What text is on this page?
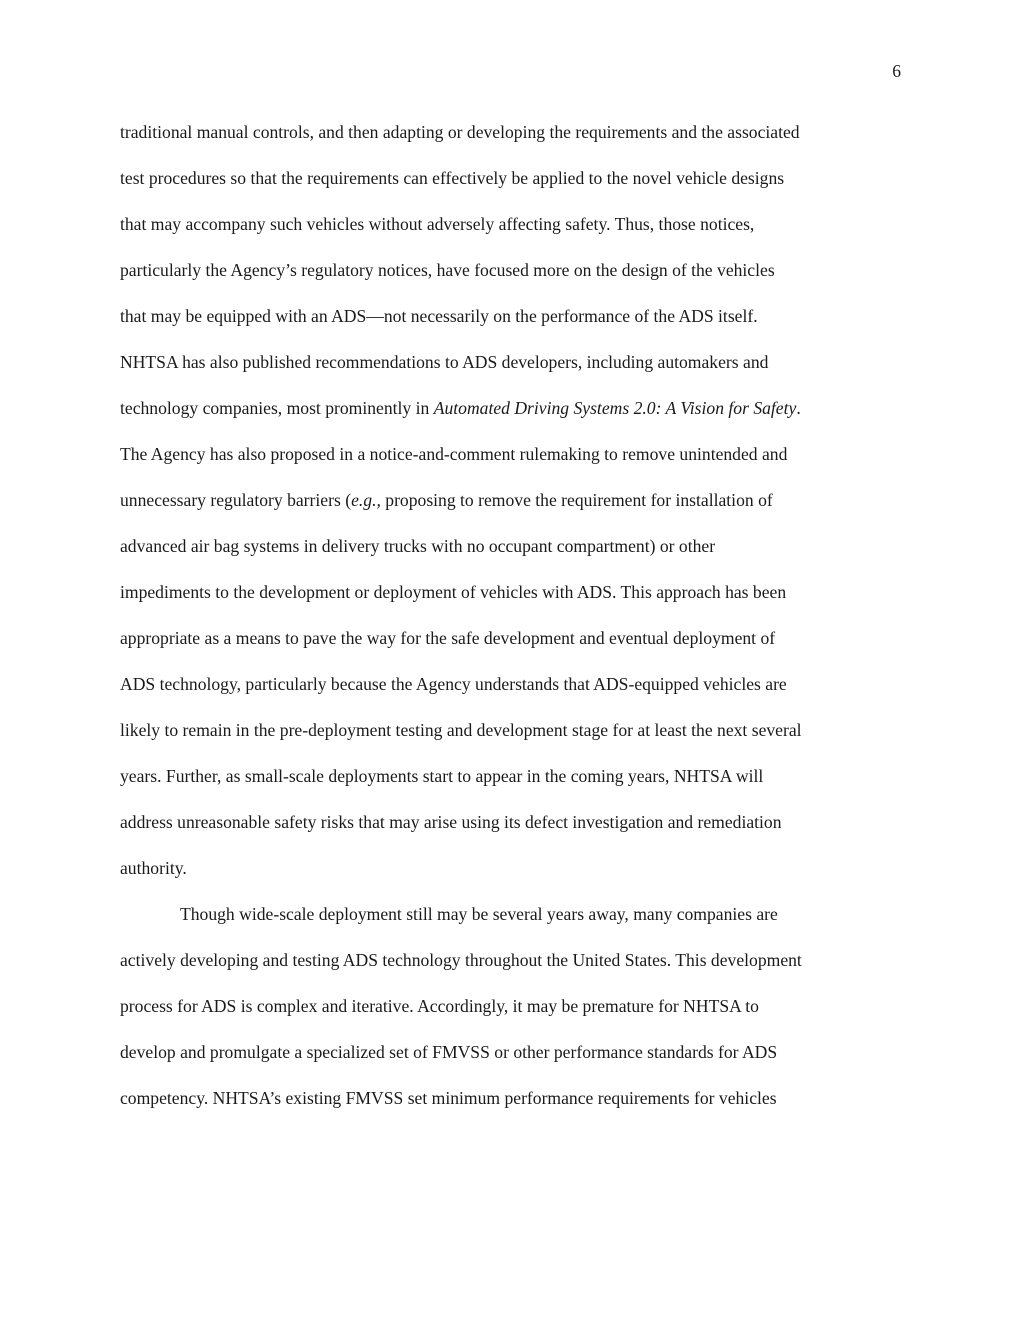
6
traditional manual controls, and then adapting or developing the requirements and the associated
test procedures so that the requirements can effectively be applied to the novel vehicle designs
that may accompany such vehicles without adversely affecting safety. Thus, those notices,
particularly the Agency’s regulatory notices, have focused more on the design of the vehicles
that may be equipped with an ADS—not necessarily on the performance of the ADS itself.
NHTSA has also published recommendations to ADS developers, including automakers and
technology companies, most prominently in Automated Driving Systems 2.0: A Vision for Safety.
The Agency has also proposed in a notice-and-comment rulemaking to remove unintended and
unnecessary regulatory barriers (e.g., proposing to remove the requirement for installation of
advanced air bag systems in delivery trucks with no occupant compartment) or other
impediments to the development or deployment of vehicles with ADS. This approach has been
appropriate as a means to pave the way for the safe development and eventual deployment of
ADS technology, particularly because the Agency understands that ADS-equipped vehicles are
likely to remain in the pre-deployment testing and development stage for at least the next several
years. Further, as small-scale deployments start to appear in the coming years, NHTSA will
address unreasonable safety risks that may arise using its defect investigation and remediation
authority.
Though wide-scale deployment still may be several years away, many companies are
actively developing and testing ADS technology throughout the United States. This development
process for ADS is complex and iterative. Accordingly, it may be premature for NHTSA to
develop and promulgate a specialized set of FMVSS or other performance standards for ADS
competency. NHTSA’s existing FMVSS set minimum performance requirements for vehicles
